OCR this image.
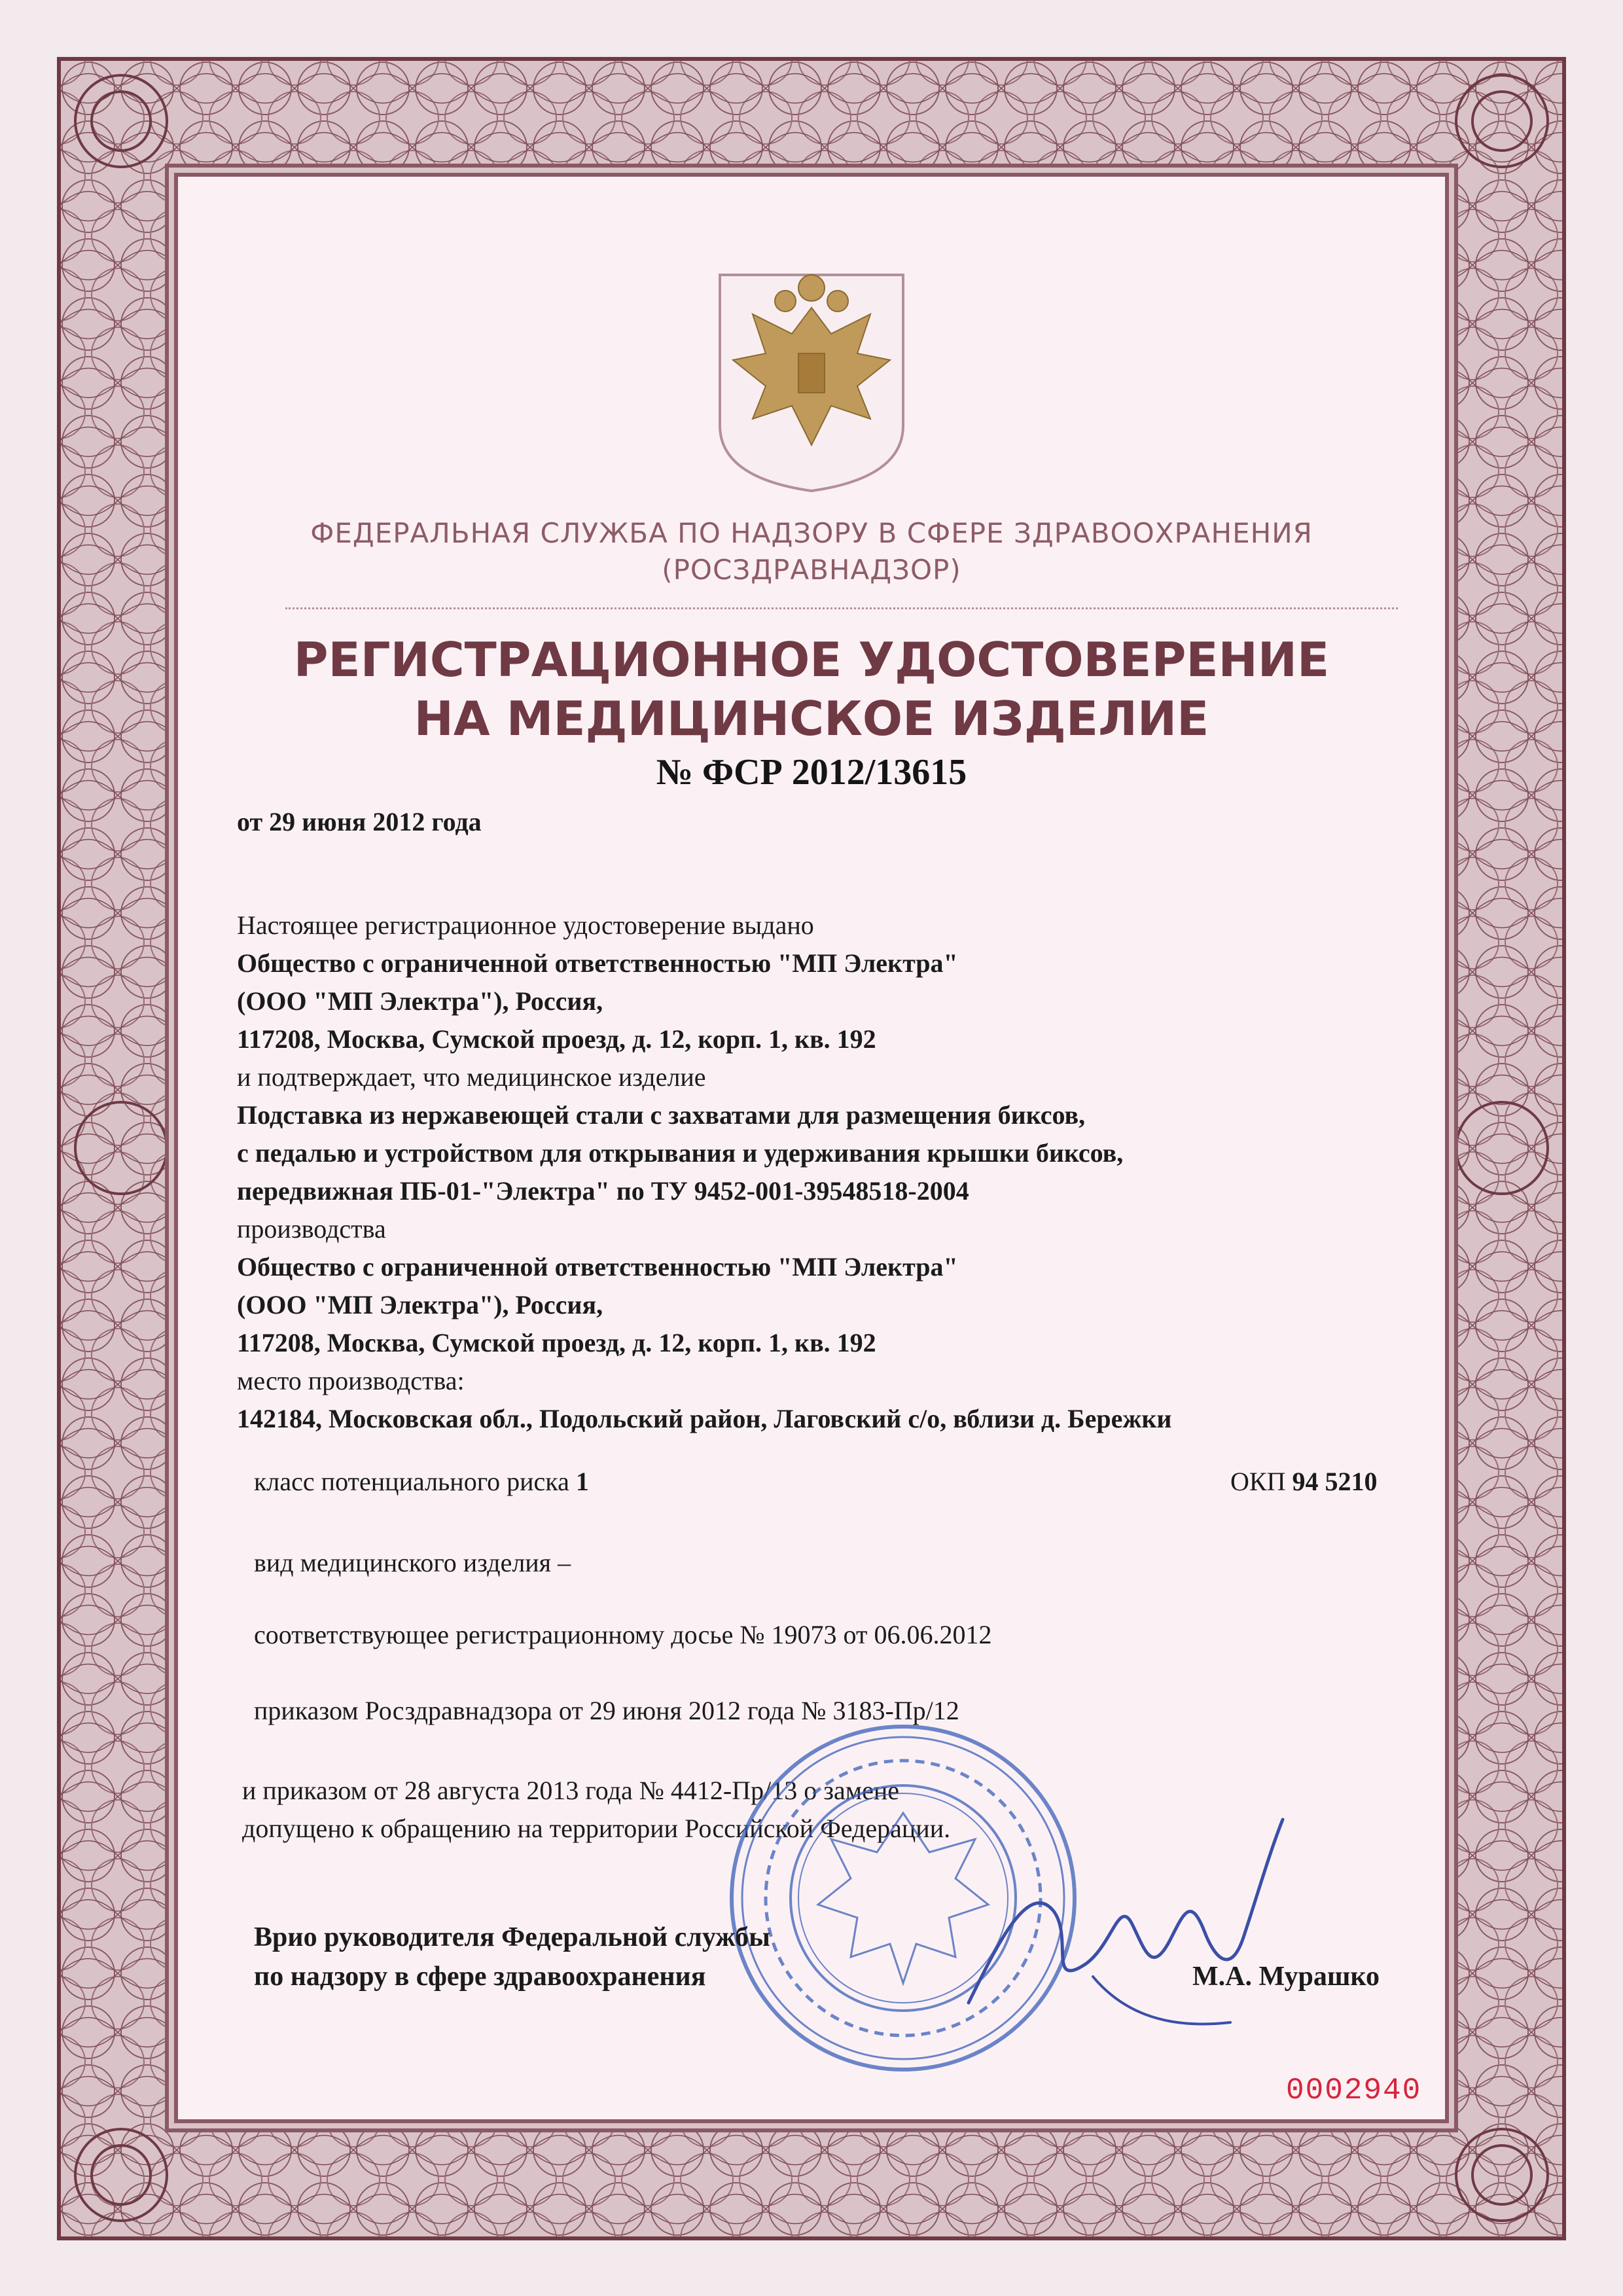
ФЕДЕРАЛЬНАЯ СЛУЖБА ПО НАДЗОРУ В СФЕРЕ ЗДРАВООХРАНЕНИЯ
(РОСЗДРАВНАДЗОР)
РЕГИСТРАЦИОННОЕ УДОСТОВЕРЕНИЕ
НА МЕДИЦИНСКОЕ ИЗДЕЛИЕ
№ ФСР 2012/13615
от 29 июня 2012 года
Настоящее регистрационное удостоверение выдано
Общество с ограниченной ответственностью "МП Электра"
(ООО "МП Электра"), Россия,
117208, Москва, Сумской проезд, д. 12, корп. 1, кв. 192
и подтверждает, что медицинское изделие
Подставка из нержавеющей стали с захватами для размещения биксов,
с педалью и устройством для открывания и удерживания крышки биксов,
передвижная ПБ-01-"Электра" по ТУ 9452-001-39548518-2004
производства
Общество с ограниченной ответственностью "МП Электра"
(ООО "МП Электра"), Россия,
117208, Москва, Сумской проезд, д. 12, корп. 1, кв. 192
место производства:
142184, Московская обл., Подольский район, Лаговский с/о, вблизи д. Бережки
класс потенциального риска 1	ОКП 94 5210
вид медицинского изделия –
соответствующее регистрационному досье № 19073 от 06.06.2012
приказом Росздравнадзора от 29 июня 2012 года № 3183-Пр/12
и приказом от 28 августа 2013 года № 4412-Пр/13 о замене
допущено к обращению на территории Российской Федерации.
Врио руководителя Федеральной службы
по надзору в сфере здравоохранения	М.А. Мурашко
0002940
